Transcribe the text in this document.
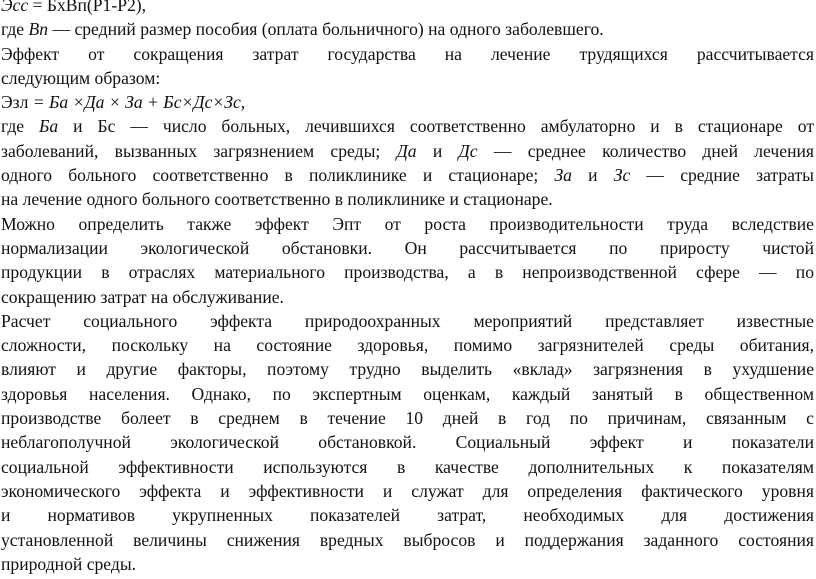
Эсс = БхВп(Р1-Р2),
где Вп — средний размер пособия (оплата больничного) на одного заболевшего.
Эффект от сокращения затрат государства на лечение трудящихся рассчитывается
следующим образом:
Эзл = Ба ×Да × За + Бс×Дс×Зс,
где Ба и Бс — число больных, лечившихся соответственно амбулаторно и в стационаре от
заболеваний, вызванных загрязнением среды; Да и Дс — среднее количество дней лечения
одного больного соответственно в поликлинике и стационаре; За и Зс — средние затраты
на лечение одного больного соответственно в поликлинике и стационаре.
Можно определить также эффект Эпт от роста производительности труда вследствие
нормализации экологической обстановки. Он рассчитывается по приросту чистой
продукции в отраслях материального производства, а в непроизводственной сфере — по
сокращению затрат на обслуживание.
Расчет социального эффекта природоохранных мероприятий представляет известные
сложности, поскольку на состояние здоровья, помимо загрязнителей среды обитания,
влияют и другие факторы, поэтому трудно выделить «вклад» загрязнения в ухудшение
здоровья населения. Однако, по экспертным оценкам, каждый занятый в общественном
производстве болеет в среднем в течение 10 дней в год по причинам, связанным с
неблагополучной экологической обстановкой. Социальный эффект и показатели
социальной эффективности используются в качестве дополнительных к показателям
экономического эффекта и эффективности и служат для определения фактического уровня
и нормативов укрупненных показателей затрат, необходимых для достижения
установленной величины снижения вредных выбросов и поддержания заданного состояния
природной среды.
